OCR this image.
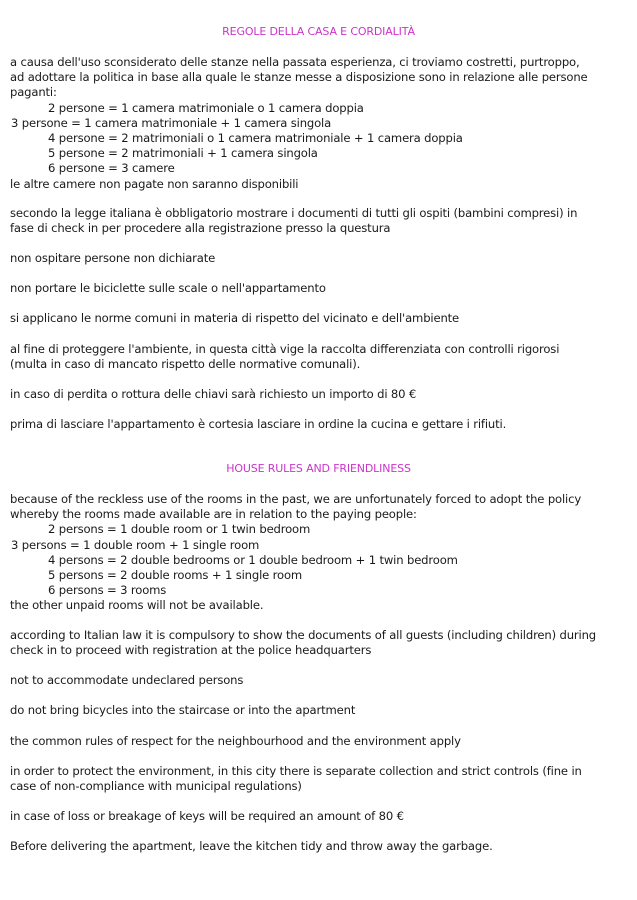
REGOLE DELLA CASA E CORDIALITÀ
a causa dell'uso sconsiderato delle stanze nella passata esperienza, ci troviamo costretti, purtroppo,
ad adottare la politica in base alla quale le stanze messe a disposizione sono in relazione alle persone
paganti:
2 persone = 1 camera matrimoniale o 1 camera doppia
3 persone = 1 camera matrimoniale + 1 camera singola
4 persone = 2 matrimoniali o 1 camera matrimoniale + 1 camera doppia
5 persone = 2 matrimoniali + 1 camera singola
6 persone = 3 camere
le altre camere non pagate non saranno disponibili
secondo la legge italiana è obbligatorio mostrare i documenti di tutti gli ospiti (bambini compresi) in
fase di check in per procedere alla registrazione presso la questura
non ospitare persone non dichiarate
non portare le biciclette sulle scale o nell'appartamento
si applicano le norme comuni in materia di rispetto del vicinato e dell'ambiente
al fine di proteggere l'ambiente, in questa città vige la raccolta differenziata con controlli rigorosi
(multa in caso di mancato rispetto delle normative comunali).
in caso di perdita o rottura delle chiavi sarà richiesto un importo di 80 €
prima di lasciare l'appartamento è cortesia lasciare in ordine la cucina e gettare i rifiuti.
HOUSE RULES AND FRIENDLINESS
because of the reckless use of the rooms in the past, we are unfortunately forced to adopt the policy
whereby the rooms made available are in relation to the paying people:
2 persons = 1 double room or 1 twin bedroom
3 persons = 1 double room + 1 single room
4 persons = 2 double bedrooms or 1 double bedroom + 1 twin bedroom
5 persons = 2 double rooms + 1 single room
6 persons = 3 rooms
the other unpaid rooms will not be available.
according to Italian law it is compulsory to show the documents of all guests (including children) during
check in to proceed with registration at the police headquarters
not to accommodate undeclared persons
do not bring bicycles into the staircase or into the apartment
the common rules of respect for the neighbourhood and the environment apply
in order to protect the environment, in this city there is separate collection and strict controls (fine in
case of non-compliance with municipal regulations)
in case of loss or breakage of keys will be required an amount of 80 €
Before delivering the apartment, leave the kitchen tidy and throw away the garbage.
